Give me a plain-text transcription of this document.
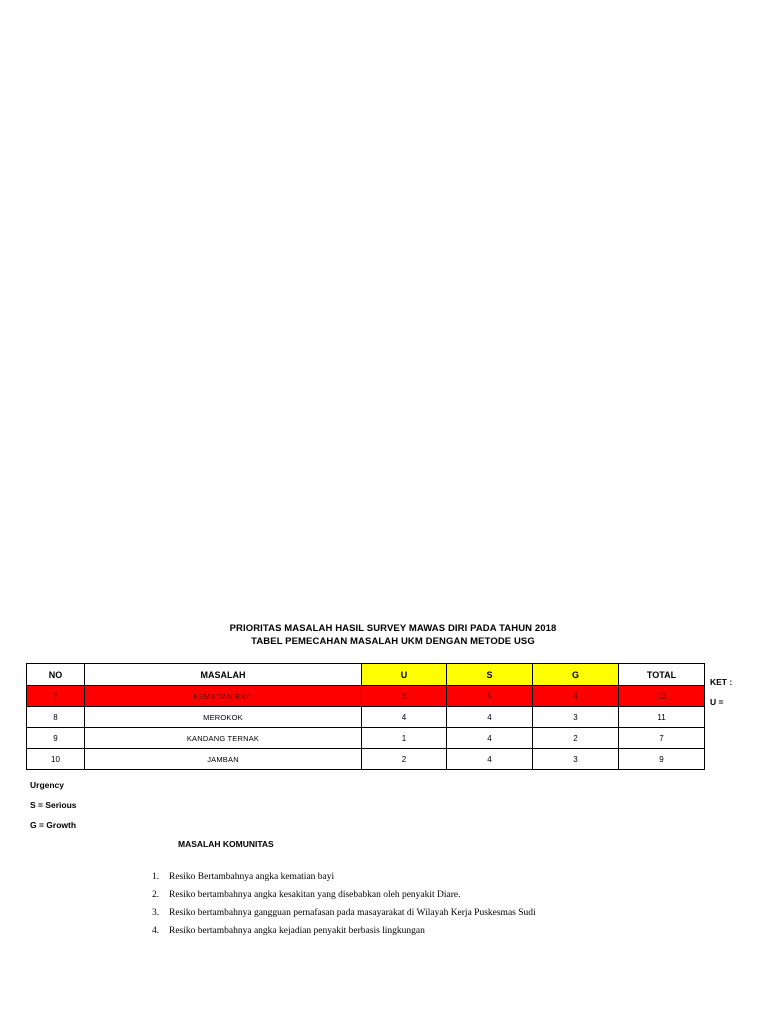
PRIORITAS MASALAH HASIL SURVEY MAWAS DIRI PADA TAHUN 2018
TABEL PEMECAHAN MASALAH UKM DENGAN METODE USG
NO	MASALAH	U	S	G	TOTAL
7	KEMATIAN BAYI	3	5	4	12
8	MEROKOK	4	4	3	11
9	KANDANG TERNAK	1	4	2	7
10	JAMBAN	2	4	3	9
KET :
U =
Urgency
S = Serious
G = Growth
MASALAH KOMUNITAS
1. Resiko Bertambahnya angka kematian bayi
2. Resiko bertambahnya angka kesakitan yang disebabkan oleh penyakit Diare.
3. Resiko bertambahnya gangguan pernafasan pada masayarakat di Wilayah Kerja Puskesmas Sudi
4. Resiko bertambahnya angka kejadian penyakit berbasis lingkungan
